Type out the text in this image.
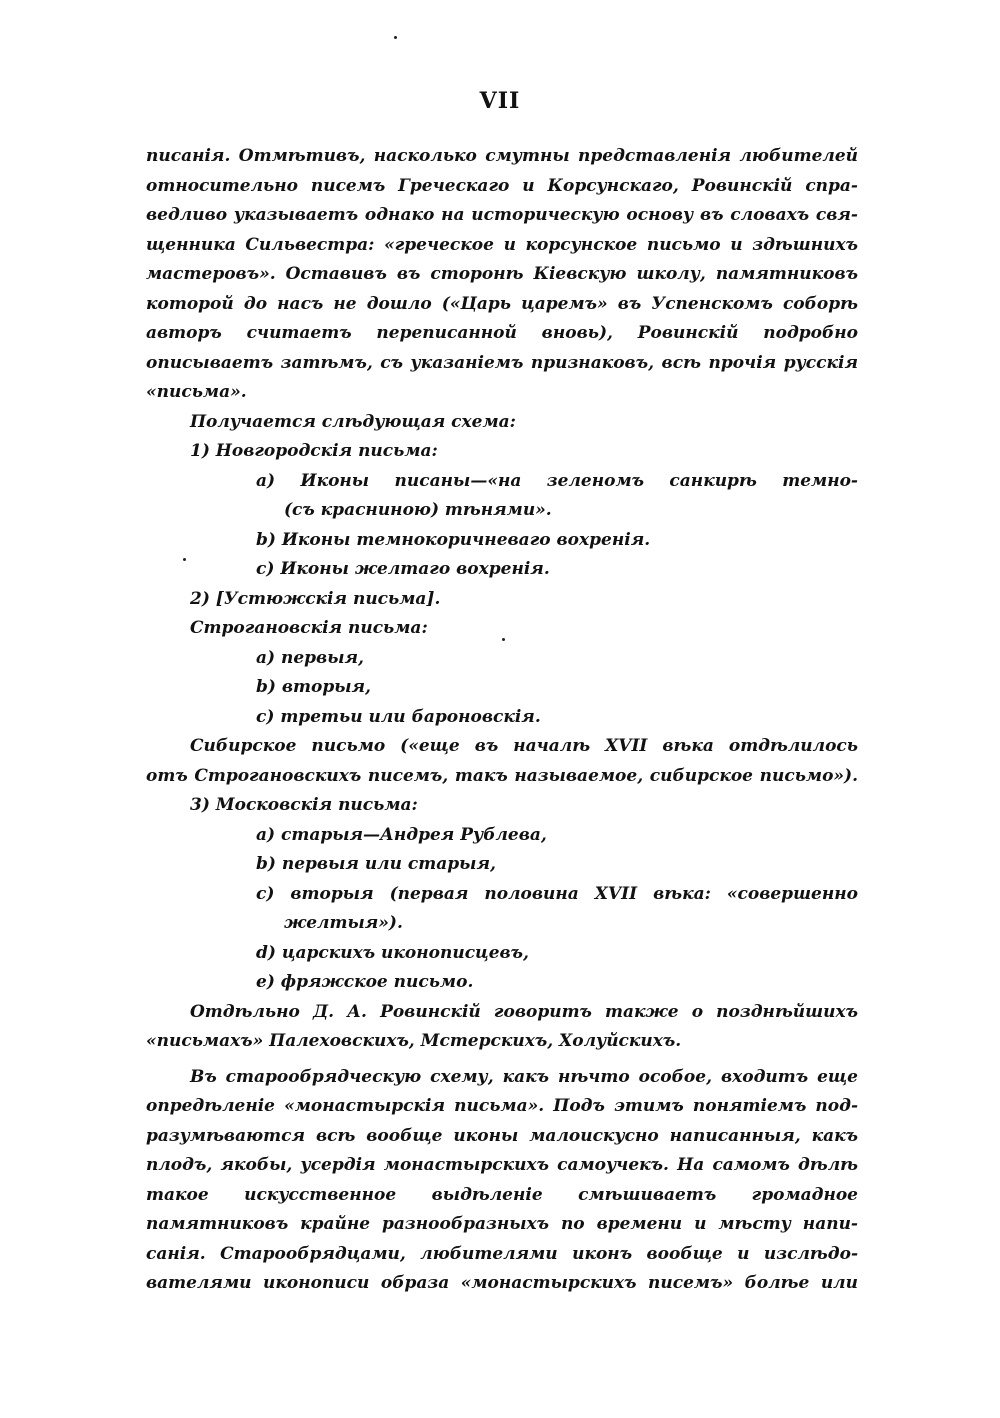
VII
писанія. Отмѣтивъ, насколько смутны представленія любителей
относительно писемъ Греческаго и Корсунскаго, Ровинскій спра-
ведливо указываетъ однако на историческую основу въ словахъ свя-
щенника Сильвестра: «греческое и корсунское письмо и здѣшнихъ
мастеровъ». Оставивъ въ сторонѣ Кіевскую школу, памятниковъ
которой до насъ не дошло («Царь царемъ» въ Успенскомъ соборѣ
авторъ считаетъ переписанной вновь), Ровинскій подробно
описываетъ затѣмъ, съ указаніемъ признаковъ, всѣ прочія русскія
«письма».
Получается слѣдующая схема:
1) Новгородскія письма:
a) Иконы писаны—«на зеленомъ санкирѣ темно-
(съ красниною) тѣнями».
b) Иконы темнокоричневаго вохренія.
c) Иконы желтаго вохренія.
2) [Устюжскія письма].
Строгановскія письма:
a) первыя,
b) вторыя,
c) третьи или бароновскія.
Сибирское письмо («еще въ началѣ XVII вѣка отдѣлилось
отъ Строгановскихъ писемъ, такъ называемое, сибирское письмо»).
3) Московскія письма:
a) старыя—Андрея Рублева,
b) первыя или старыя,
c) вторыя (первая половина XVII вѣка: «совершенно
желтыя»).
d) царскихъ иконописцевъ,
e) фряжское письмо.
Отдѣльно Д. А. Ровинскій говоритъ также о позднѣйшихъ
«письмахъ» Палеховскихъ, Мстерскихъ, Холуйскихъ.
Въ старообрядческую схему, какъ нѣчто особое, входитъ еще
опредѣленіе «монастырскія письма». Подъ этимъ понятіемъ под-
разумѣваются всѣ вообще иконы малоискусно написанныя, какъ
плодъ, якобы, усердія монастырскихъ самоучекъ. На самомъ дѣлѣ
такое искусственное выдѣленіе смѣшиваетъ громадное
памятниковъ крайне разнообразныхъ по времени и мѣсту напи-
санія. Старообрядцами, любителями иконъ вообще и изслѣдо-
вателями иконописи образа «монастырскихъ писемъ» болѣе или
